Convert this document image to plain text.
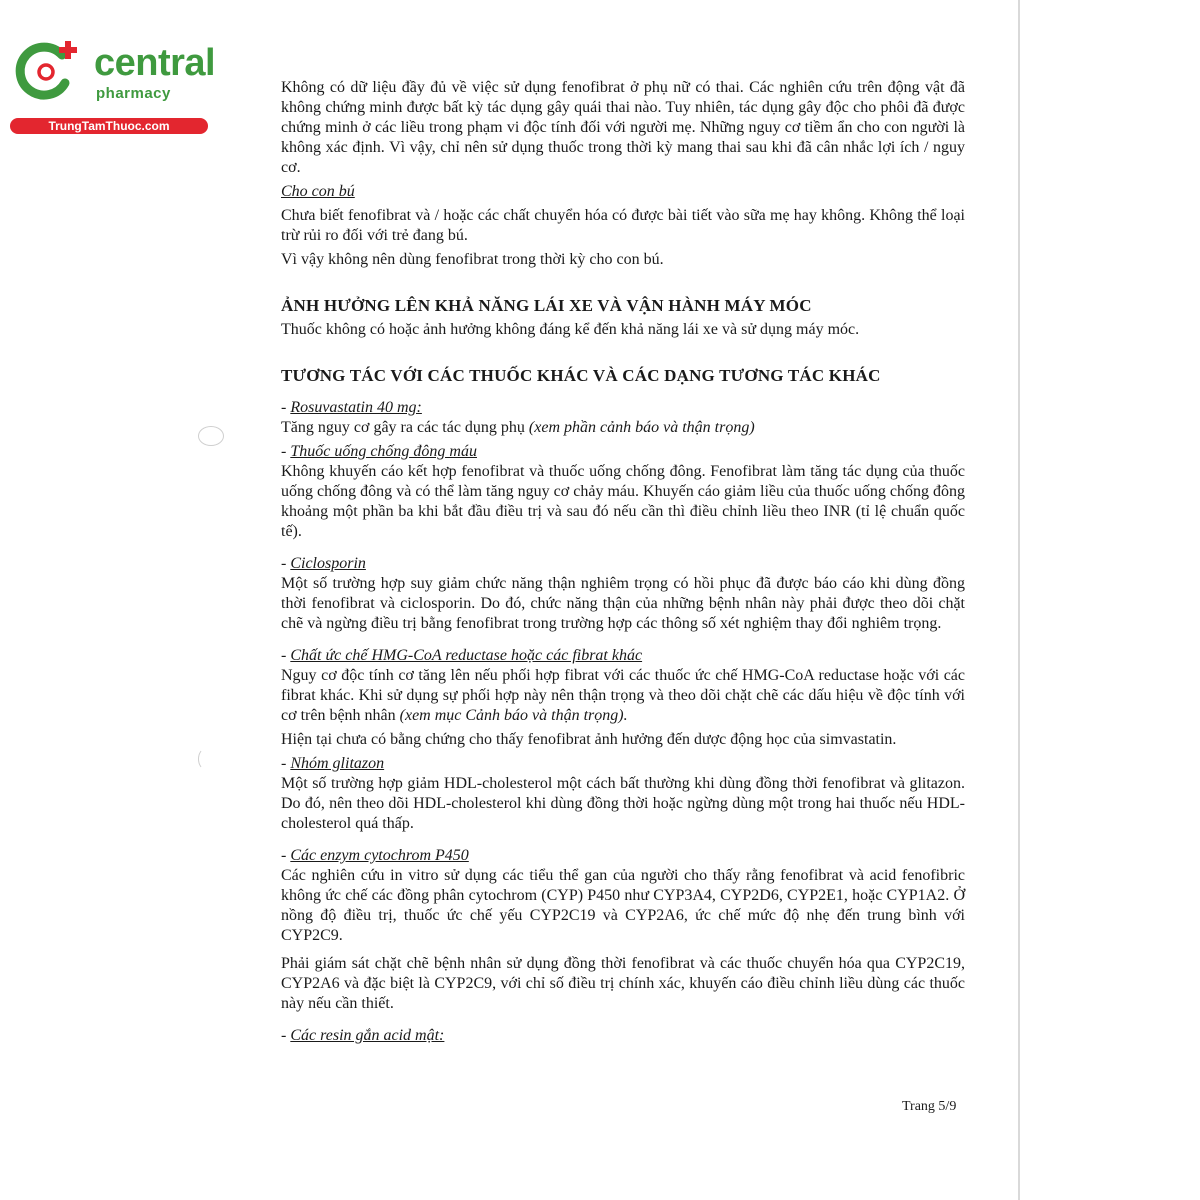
central
pharmacy
TrungTamThuoc.com

Không có dữ liệu đầy đủ về việc sử dụng fenofibrat ở phụ nữ có thai. Các nghiên cứu trên động vật đã không chứng minh được bất kỳ tác dụng gây quái thai nào. Tuy nhiên, tác dụng gây độc cho phôi đã được chứng minh ở các liều trong phạm vi độc tính đối với người mẹ. Những nguy cơ tiềm ẩn cho con người là không xác định. Vì vậy, chỉ nên sử dụng thuốc trong thời kỳ mang thai sau khi đã cân nhắc lợi ích / nguy cơ.

Cho con bú

Chưa biết fenofibrat và / hoặc các chất chuyển hóa có được bài tiết vào sữa mẹ hay không. Không thể loại trừ rủi ro đối với trẻ đang bú.

Vì vậy không nên dùng fenofibrat trong thời kỳ cho con bú.

ẢNH HƯỞNG LÊN KHẢ NĂNG LÁI XE VÀ VẬN HÀNH MÁY MÓC

Thuốc không có hoặc ảnh hưởng không đáng kể đến khả năng lái xe và sử dụng máy móc.

TƯƠNG TÁC VỚI CÁC THUỐC KHÁC VÀ CÁC DẠNG TƯƠNG TÁC KHÁC

- Rosuvastatin 40 mg:

Tăng nguy cơ gây ra các tác dụng phụ (xem phần cảnh báo và thận trọng)

- Thuốc uống chống đông máu

Không khuyến cáo kết hợp fenofibrat và thuốc uống chống đông. Fenofibrat làm tăng tác dụng của thuốc uống chống đông và có thể làm tăng nguy cơ chảy máu. Khuyến cáo giảm liều của thuốc uống chống đông khoảng một phần ba khi bắt đầu điều trị và sau đó nếu cần thì điều chỉnh liều theo INR (tỉ lệ chuẩn quốc tế).

- Ciclosporin

Một số trường hợp suy giảm chức năng thận nghiêm trọng có hồi phục đã được báo cáo khi dùng đồng thời fenofibrat và ciclosporin. Do đó, chức năng thận của những bệnh nhân này phải được theo dõi chặt chẽ và ngừng điều trị bằng fenofibrat trong trường hợp các thông số xét nghiệm thay đổi nghiêm trọng.

- Chất ức chế HMG-CoA reductase hoặc các fibrat khác

Nguy cơ độc tính cơ tăng lên nếu phối hợp fibrat với các thuốc ức chế HMG-CoA reductase hoặc với các fibrat khác. Khi sử dụng sự phối hợp này nên thận trọng và theo dõi chặt chẽ các dấu hiệu về độc tính với cơ trên bệnh nhân (xem mục Cảnh báo và thận trọng).

Hiện tại chưa có bằng chứng cho thấy fenofibrat ảnh hưởng đến dược động học của simvastatin.

- Nhóm glitazon

Một số trường hợp giảm HDL-cholesterol một cách bất thường khi dùng đồng thời fenofibrat và glitazon. Do đó, nên theo dõi HDL-cholesterol khi dùng đồng thời hoặc ngừng dùng một trong hai thuốc nếu HDL-cholesterol quá thấp.

- Các enzym cytochrom P450

Các nghiên cứu in vitro sử dụng các tiểu thể gan của người cho thấy rằng fenofibrat và acid fenofibric không ức chế các đồng phân cytochrom (CYP) P450 như CYP3A4, CYP2D6, CYP2E1, hoặc CYP1A2. Ở nồng độ điều trị, thuốc ức chế yếu CYP2C19 và CYP2A6, ức chế mức độ nhẹ đến trung bình với CYP2C9.

Phải giám sát chặt chẽ bệnh nhân sử dụng đồng thời fenofibrat và các thuốc chuyển hóa qua CYP2C19, CYP2A6 và đặc biệt là CYP2C9, với chỉ số điều trị chính xác, khuyến cáo điều chỉnh liều dùng các thuốc này nếu cần thiết.

- Các resin gắn acid mật:

Trang 5/9
